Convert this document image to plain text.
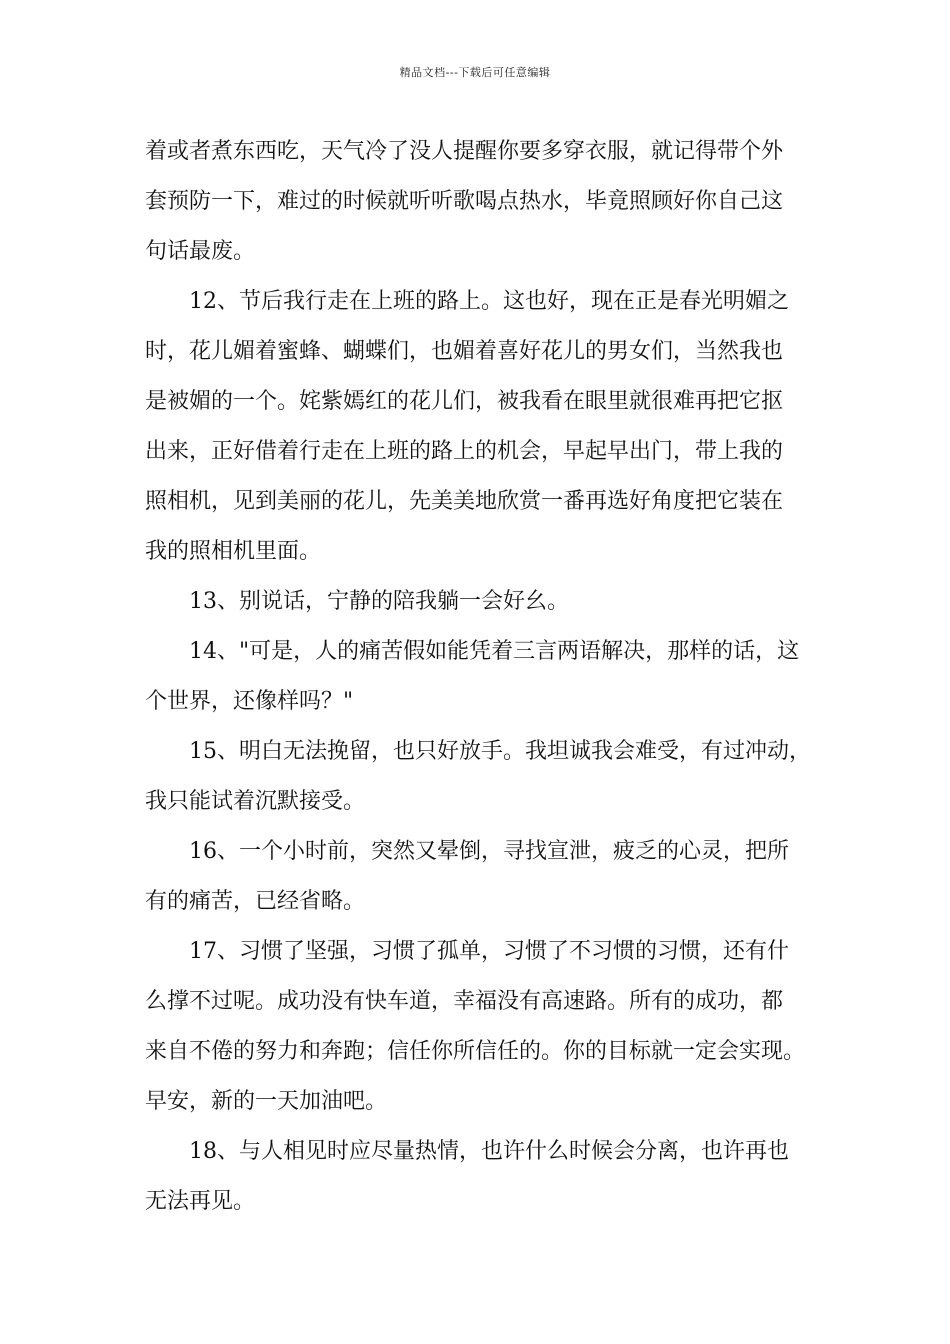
精品文档---下载后可任意编辑
着或者煮东西吃，天气冷了没人提醒你要多穿衣服，就记得带个外
套预防一下，难过的时候就听听歌喝点热水，毕竟照顾好你自己这
句话最废。
12、节后我行走在上班的路上。这也好，现在正是春光明媚之
时，花儿媚着蜜蜂、蝴蝶们，也媚着喜好花儿的男女们，当然我也
是被媚的一个。姹紫嫣红的花儿们，被我看在眼里就很难再把它抠
出来，正好借着行走在上班的路上的机会，早起早出门，带上我的
照相机，见到美丽的花儿，先美美地欣赏一番再选好角度把它装在
我的照相机里面。
13、别说话，宁静的陪我躺一会好幺。
14、"可是，人的痛苦假如能凭着三言两语解决，那样的话，这
个世界，还像样吗？"
15、明白无法挽留，也只好放手。我坦诚我会难受，有过冲动，
我只能试着沉默接受。
16、一个小时前，突然又晕倒，寻找宣泄，疲乏的心灵，把所
有的痛苦，已经省略。
17、习惯了坚强，习惯了孤单，习惯了不习惯的习惯，还有什
么撑不过呢。成功没有快车道，幸福没有高速路。所有的成功，都
来自不倦的努力和奔跑；信任你所信任的。你的目标就一定会实现。
早安，新的一天加油吧。
18、与人相见时应尽量热情，也许什么时候会分离，也许再也
无法再见。
